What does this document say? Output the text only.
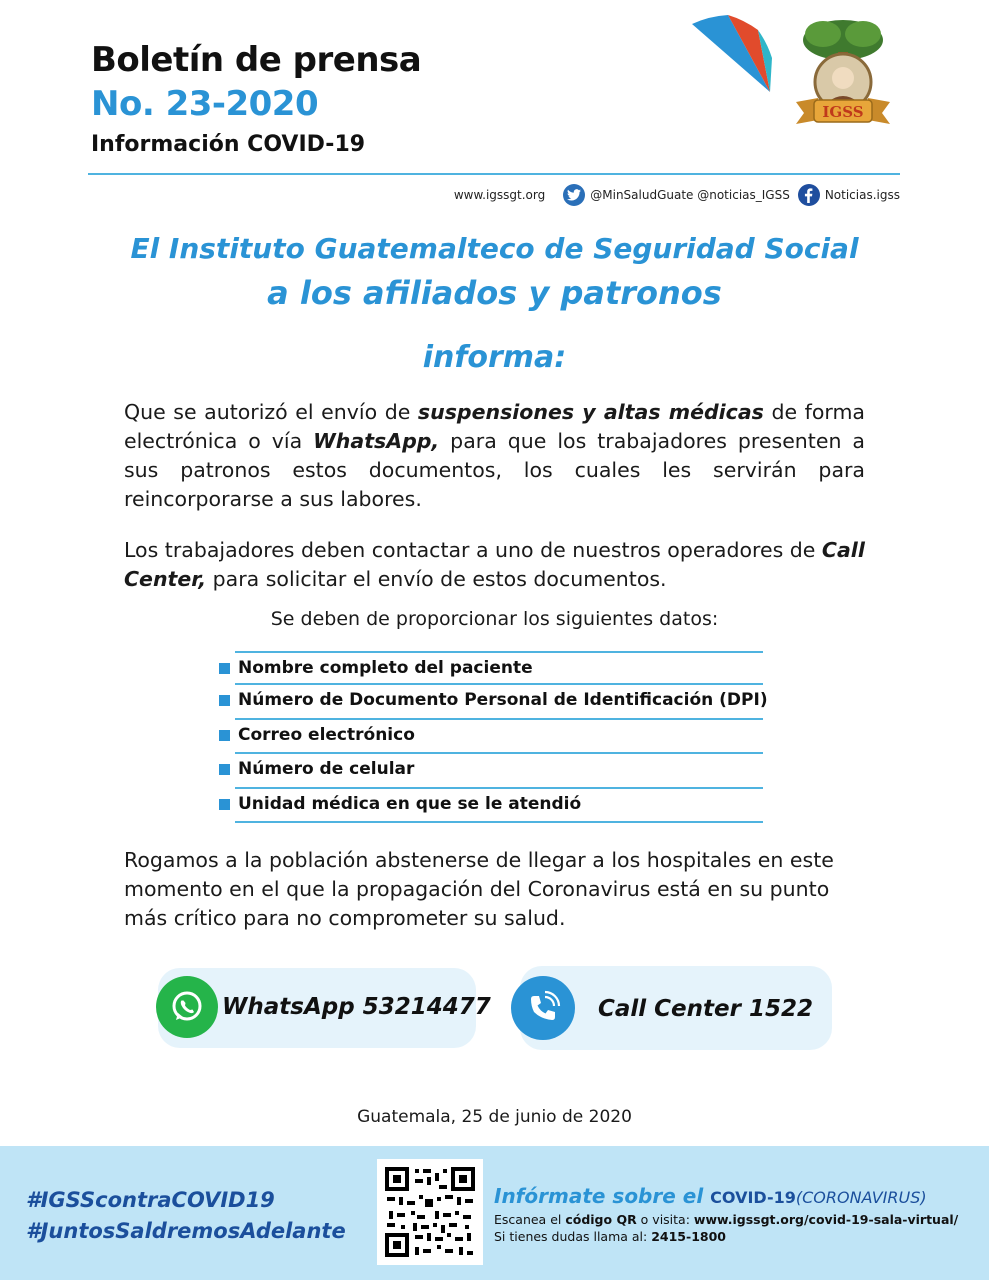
Boletín de prensa
No. 23-2020
Información COVID-19
IGSS
www.igssgt.org	@MinSaludGuate @noticias_IGSS	Noticias.igss
El Instituto Guatemalteco de Seguridad Social
a los afiliados y patronos
informa:

Que se autorizó el envío de suspensiones y altas médicas de forma electrónica o vía WhatsApp, para que los trabajadores presenten a sus patronos estos documentos, los cuales les servirán para reincorporarse a sus labores.

Los trabajadores deben contactar a uno de nuestros operadores de Call Center, para solicitar el envío de estos documentos.

Se deben de proporcionar los siguientes datos:
Nombre completo del paciente
Número de Documento Personal de Identificación (DPI)
Correo electrónico
Número de celular
Unidad médica en que se le atendió

Rogamos a la población abstenerse de llegar a los hospitales en este momento en el que la propagación del Coronavirus está en su punto más crítico para no comprometer su salud.

WhatsApp 53214477	Call Center 1522
Guatemala, 25 de junio de 2020
#IGSScontraCOVID19
#JuntosSaldremosAdelante
Infórmate sobre el COVID-19(CORONAVIRUS)
Escanea el código QR o visita: www.igssgt.org/covid-19-sala-virtual/
Si tienes dudas llama al: 2415-1800
